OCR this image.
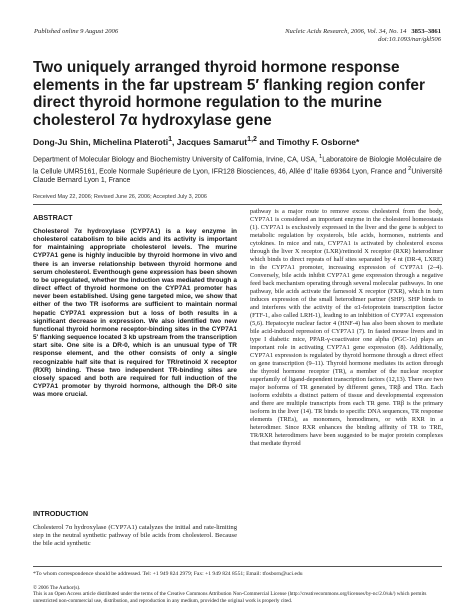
Published online 9 August 2006	Nucleic Acids Research, 2006, Vol. 34, No. 14 3853–3861
doi:10.1093/nar/gkl506
Two uniquely arranged thyroid hormone response elements in the far upstream 5′ flanking region confer direct thyroid hormone regulation to the murine cholesterol 7α hydroxylase gene
Dong-Ju Shin, Michelina Plateroti$^1$, Jacques Samarut$^{1,2}$ and Timothy F. Osborne*
Department of Molecular Biology and Biochemistry University of California, Irvine, CA, USA, $^1$Laboratoire de Biologie Moléculaire de la Cellule UMR5161, Ecole Normale Supérieure de Lyon, IFR128 Biosciences, 46, Allée d’ Italie 69364 Lyon, France and $^2$Université Claude Bernard Lyon 1, France
Received May 22, 2006; Revised June 26, 2006; Accepted July 3, 2006
ABSTRACT

Cholesterol 7α hydroxylase (CYP7A1) is a key enzyme in cholesterol catabolism to bile acids and its activity is important for maintaining appropriate cholesterol levels. The murine CYP7A1 gene is highly inducible by thyroid hormone in vivo and there is an inverse relationship between thyroid hormone and serum cholesterol. Eventhough gene expression has been shown to be upregulated, whether the induction was mediated through a direct effect of thyroid hormone on the CYP7A1 promoter has never been established. Using gene targeted mice, we show that either of the two TR isoforms are sufficient to maintain normal hepatic CYP7A1 expression but a loss of both results in a significant decrease in expression. We also identified two new functional thyroid hormone receptor-binding sites in the CYP7A1 5′ flanking sequence located 3 kb upstream from the transcription start site. One site is a DR-0, which is an unusual type of TR response element, and the other consists of only a single recognizable half site that is required for TR/retinoid X receptor (RXR) binding. These two independent TR-binding sites are closely spaced and both are required for full induction of the CYP7A1 promoter by thyroid hormone, although the DR-0 site was more crucial.

INTRODUCTION

Cholesterol 7α hydroxylase (CYP7A1) catalyzes the initial and rate-limiting step in the neutral synthetic pathway of bile acids from cholesterol. Because the bile acid synthetic

pathway is a major route to remove excess cholesterol from the body, CYP7A1 is considered an important enzyme in the cholesterol homeostasis (1). CYP7A1 is exclusively expressed in the liver and the gene is subject to metabolic regulation by oxysterols, bile acids, hormones, nutrients and cytokines. In mice and rats, CYP7A1 is activated by cholesterol excess through the liver X receptor (LXR)/retinoid X receptor (RXR) heterodimer which binds to direct repeats of half sites separated by 4 nt (DR-4, LXRE) in the CYP7A1 promoter, increasing expression of CYP7A1 (2–4). Conversely, bile acids inhibit CYP7A1 gene expression through a negative feed back mechanism operating through several molecular pathways. In one pathway, bile acids activate the farnesoid X receptor (FXR), which in turn induces expression of the small heterodimer partner (SHP). SHP binds to and interferes with the activity of the α1-fetoprotein transcription factor (FTF-1, also called LRH-1), leading to an inhibition of CYP7A1 expression (5,6). Hepatocyte nuclear factor 4 (HNF-4) has also been shown to mediate bile acid-induced repression of CYP7A1 (7). In fasted mouse livers and in type I diabetic mice, PPAR-γ-coactivator one alpha (PGC-1α) plays an important role in activating CYP7A1 gene expression (8). Additionally, CYP7A1 expression is regulated by thyroid hormone through a direct effect on gene transcription (9–11). Thyroid hormone mediates its action through the thyroid hormone receptor (TR), a member of the nuclear receptor superfamily of ligand-dependent transcription factors (12,13). There are two major isoforms of TR generated by different genes, TRβ and TRα. Each isoform exhibits a distinct pattern of tissue and developmental expression and there are multiple transcripts from each TR gene. TRβ is the primary isoform in the liver (14). TR binds to specific DNA sequences, TR response elements (TREs), as monomers, homodimers, or with RXR in a heterodimer. Since RXR enhances the binding affinity of TR to TRE, TR/RXR heterodimers have been suggested to be major protein complexes that mediate thyroid

*To whom correspondence should be addressed. Tel: +1 949 824 2979; Fax: +1 949 824 8551; Email: tfosborn@uci.edu
© 2006 The Author(s).
This is an Open Access article distributed under the terms of the Creative Commons Attribution Non-Commercial License (http://creativecommons.org/licenses/by-nc/2.0/uk/) which permits unrestricted non-commercial use, distribution, and reproduction in any medium, provided the original work is properly cited.
